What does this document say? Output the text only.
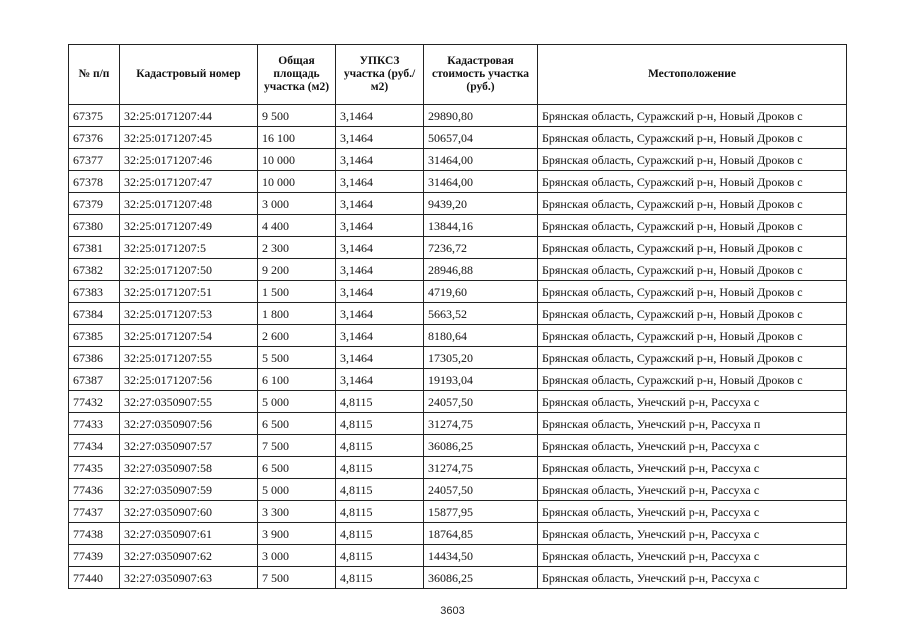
№ п/п	Кадастровый номер	Общая площадь участка (м2)	УПКСЗ участка (руб./м2)	Кадастровая стоимость участка (руб.)	Местоположение
67375	32:25:0171207:44	9 500	3,1464	29890,80	Брянская область, Суражский р-н, Новый Дроков с
67376	32:25:0171207:45	16 100	3,1464	50657,04	Брянская область, Суражский р-н, Новый Дроков с
67377	32:25:0171207:46	10 000	3,1464	31464,00	Брянская область, Суражский р-н, Новый Дроков с
67378	32:25:0171207:47	10 000	3,1464	31464,00	Брянская область, Суражский р-н, Новый Дроков с
67379	32:25:0171207:48	3 000	3,1464	9439,20	Брянская область, Суражский р-н, Новый Дроков с
67380	32:25:0171207:49	4 400	3,1464	13844,16	Брянская область, Суражский р-н, Новый Дроков с
67381	32:25:0171207:5	2 300	3,1464	7236,72	Брянская область, Суражский р-н, Новый Дроков с
67382	32:25:0171207:50	9 200	3,1464	28946,88	Брянская область, Суражский р-н, Новый Дроков с
67383	32:25:0171207:51	1 500	3,1464	4719,60	Брянская область, Суражский р-н, Новый Дроков с
67384	32:25:0171207:53	1 800	3,1464	5663,52	Брянская область, Суражский р-н, Новый Дроков с
67385	32:25:0171207:54	2 600	3,1464	8180,64	Брянская область, Суражский р-н, Новый Дроков с
67386	32:25:0171207:55	5 500	3,1464	17305,20	Брянская область, Суражский р-н, Новый Дроков с
67387	32:25:0171207:56	6 100	3,1464	19193,04	Брянская область, Суражский р-н, Новый Дроков с
77432	32:27:0350907:55	5 000	4,8115	24057,50	Брянская область, Унечский р-н, Рассуха с
77433	32:27:0350907:56	6 500	4,8115	31274,75	Брянская область, Унечский р-н, Рассуха п
77434	32:27:0350907:57	7 500	4,8115	36086,25	Брянская область, Унечский р-н, Рассуха с
77435	32:27:0350907:58	6 500	4,8115	31274,75	Брянская область, Унечский р-н, Рассуха с
77436	32:27:0350907:59	5 000	4,8115	24057,50	Брянская область, Унечский р-н, Рассуха с
77437	32:27:0350907:60	3 300	4,8115	15877,95	Брянская область, Унечский р-н, Рассуха с
77438	32:27:0350907:61	3 900	4,8115	18764,85	Брянская область, Унечский р-н, Рассуха с
77439	32:27:0350907:62	3 000	4,8115	14434,50	Брянская область, Унечский р-н, Рассуха с
77440	32:27:0350907:63	7 500	4,8115	36086,25	Брянская область, Унечский р-н, Рассуха с
3603
